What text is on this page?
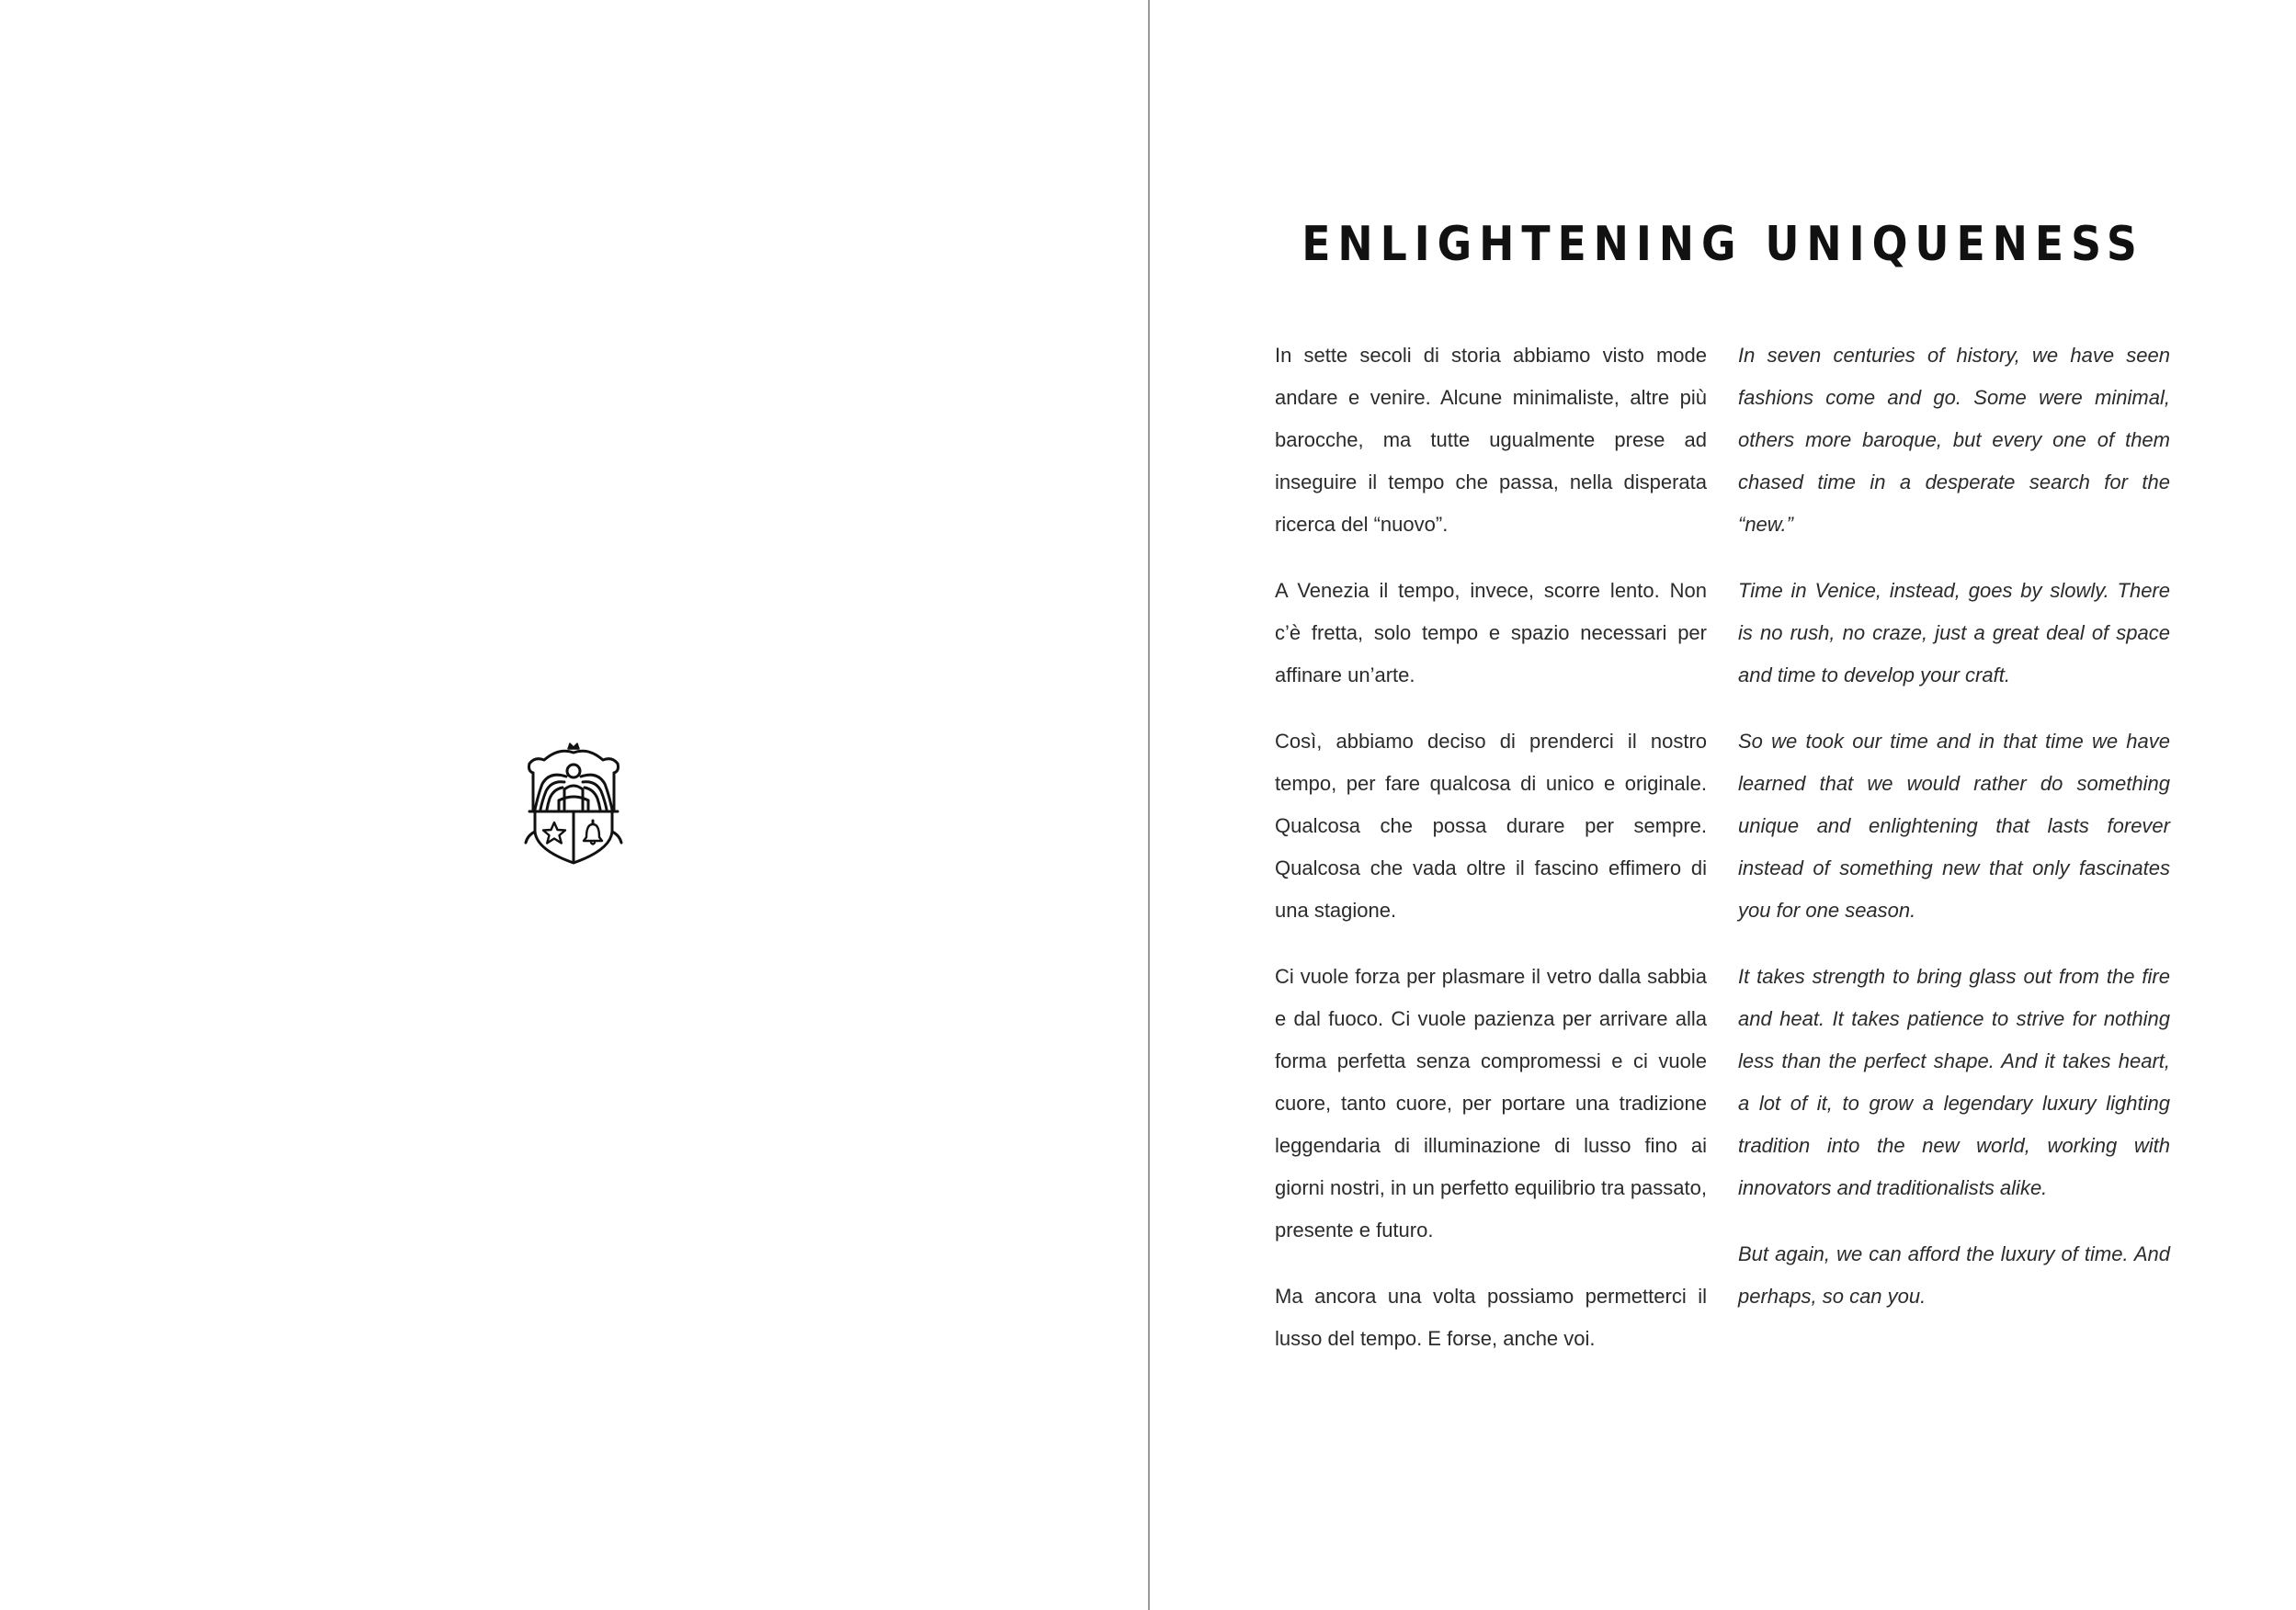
ENLIGHTENING UNIQUENESS

In sette secoli di storia abbiamo visto mode andare e venire. Alcune minimaliste, altre più barocche, ma tutte ugualmente prese ad inseguire il tempo che passa, nella disperata ricerca del “nuovo”.

A Venezia il tempo, invece, scorre lento. Non c’è fretta, solo tempo e spazio necessari per affinare un’arte.

Così, abbiamo deciso di prenderci il nostro tempo, per fare qualcosa di unico e originale. Qualcosa che possa durare per sempre. Qualcosa che vada oltre il fascino effimero di una stagione.

Ci vuole forza per plasmare il vetro dalla sabbia e dal fuoco. Ci vuole pazienza per arrivare alla forma perfetta senza compromessi e ci vuole cuore, tanto cuore, per portare una tradizione leggendaria di illuminazione di lusso fino ai giorni nostri, in un perfetto equilibrio tra passato, presente e futuro.

Ma ancora una volta possiamo permetterci il lusso del tempo. E forse, anche voi.

In seven centuries of history, we have seen fashions come and go. Some were minimal, others more baroque, but every one of them chased time in a desperate search for the “new.”

Time in Venice, instead, goes by slowly. There is no rush, no craze, just a great deal of space and time to develop your craft.

So we took our time and in that time we have learned that we would rather do something unique and enlightening that lasts forever instead of something new that only fascinates you for one season.

It takes strength to bring glass out from the fire and heat. It takes patience to strive for nothing less than the perfect shape. And it takes heart, a lot of it, to grow a legendary luxury lighting tradition into the new world, working with innovators and traditionalists alike.

But again, we can afford the luxury of time. And perhaps, so can you.
